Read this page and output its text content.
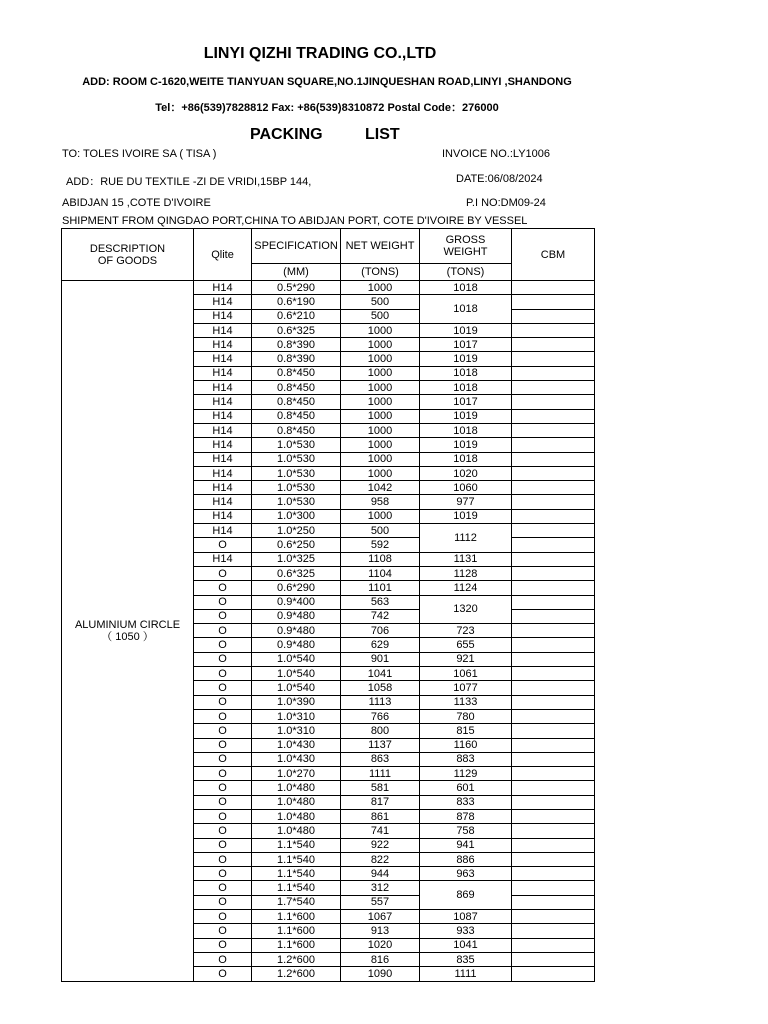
LINYI QIZHI TRADING CO.,LTD
ADD: ROOM C-1620,WEITE TIANYUAN SQUARE,NO.1JINQUESHAN ROAD,LINYI ,SHANDONG
Tel：+86(539)7828812 Fax: +86(539)8310872 Postal Code：276000
PACKING	LIST
TO: TOLES IVOIRE SA ( TISA )	INVOICE NO.:LY1006
ADD：RUE DU TEXTILE -ZI DE VRIDI,15BP 144,	DATE:06/08/2024
ABIDJAN 15 ,COTE D'IVOIRE	P.I NO:DM09-24
SHIPMENT FROM QINGDAO PORT,CHINA TO ABIDJAN PORT, COTE D'IVOIRE BY VESSEL
DESCRIPTION
OF GOODS	Qlite	SPECIFICATION	NET WEIGHT	GROSS
WEIGHT	CBM
		(MM)	(TONS)	(TONS)	
ALUMINIUM CIRCLE
（ 1050 ）	H14	0.5*290	1000	1018	
	H14	0.6*190	500	1018	
	H14	0.6*210	500		
	H14	0.6*325	1000	1019	
	H14	0.8*390	1000	1017	
	H14	0.8*390	1000	1019	
	H14	0.8*450	1000	1018	
	H14	0.8*450	1000	1018	
	H14	0.8*450	1000	1017	
	H14	0.8*450	1000	1019	
	H14	0.8*450	1000	1018	
	H14	1.0*530	1000	1019	
	H14	1.0*530	1000	1018	
	H14	1.0*530	1000	1020	
	H14	1.0*530	1042	1060	
	H14	1.0*530	958	977	
	H14	1.0*300	1000	1019	
	H14	1.0*250	500	1112	
	O	0.6*250	592		
	H14	1.0*325	1108	1131	
	O	0.6*325	1104	1128	
	O	0.6*290	1101	1124	
	O	0.9*400	563	1320	
	O	0.9*480	742		
	O	0.9*480	706	723	
	O	0.9*480	629	655	
	O	1.0*540	901	921	
	O	1.0*540	1041	1061	
	O	1.0*540	1058	1077	
	O	1.0*390	1113	1133	
	O	1.0*310	766	780	
	O	1.0*310	800	815	
	O	1.0*430	1137	1160	
	O	1.0*430	863	883	
	O	1.0*270	1111	1129	
	O	1.0*480	581	601	
	O	1.0*480	817	833	
	O	1.0*480	861	878	
	O	1.0*480	741	758	
	O	1.1*540	922	941	
	O	1.1*540	822	886	
	O	1.1*540	944	963	
	O	1.1*540	312	869	
	O	1.7*540	557		
	O	1.1*600	1067	1087	
	O	1.1*600	913	933	
	O	1.1*600	1020	1041	
	O	1.2*600	816	835	
	O	1.2*600	1090	1111	
